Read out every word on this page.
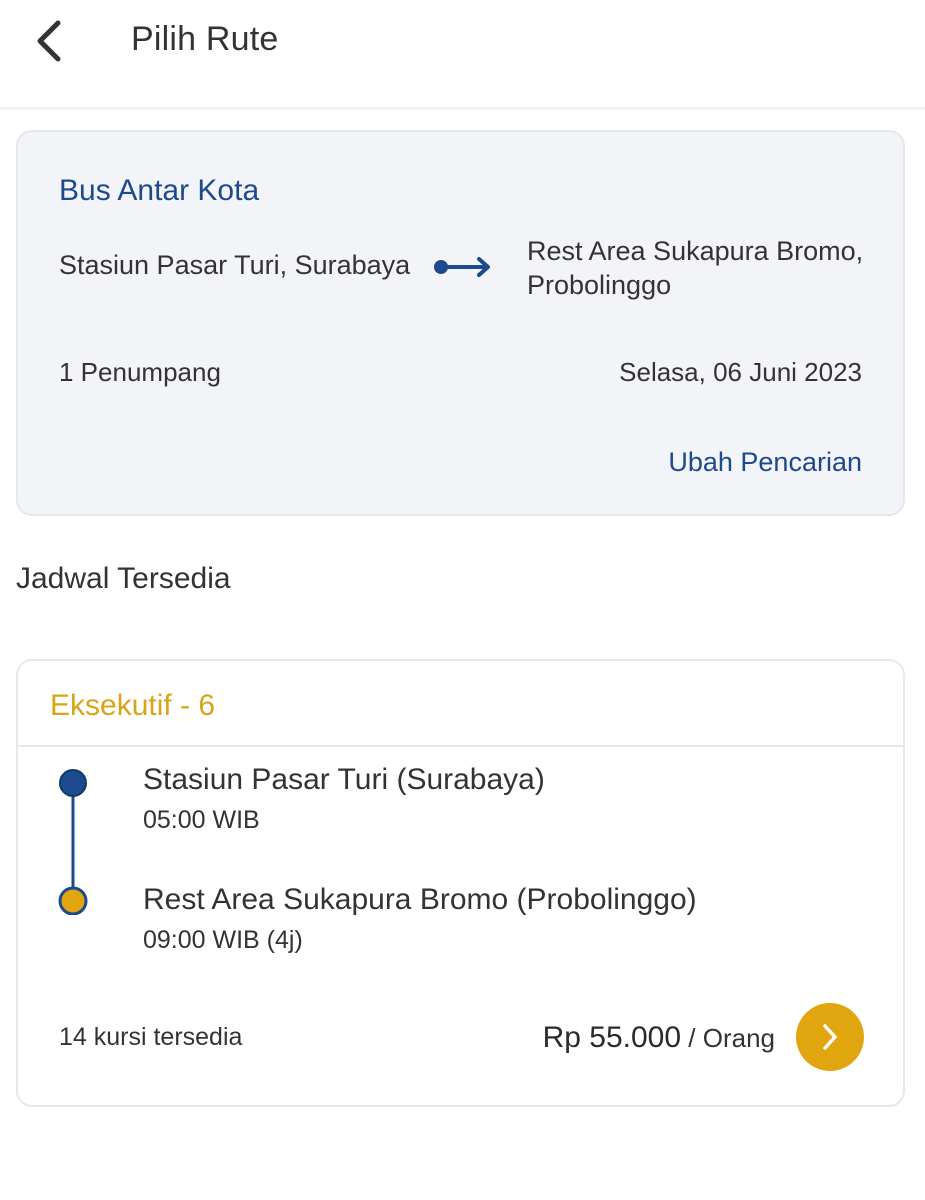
Pilih Rute
Bus Antar Kota
Stasiun Pasar Turi, Surabaya	Rest Area Sukapura Bromo, Probolinggo
1 Penumpang	Selasa, 06 Juni 2023
Ubah Pencarian
Jadwal Tersedia
Eksekutif - 6
Stasiun Pasar Turi (Surabaya)
05:00 WIB
Rest Area Sukapura Bromo (Probolinggo)
09:00 WIB (4j)
14 kursi tersedia	Rp 55.000 / Orang
